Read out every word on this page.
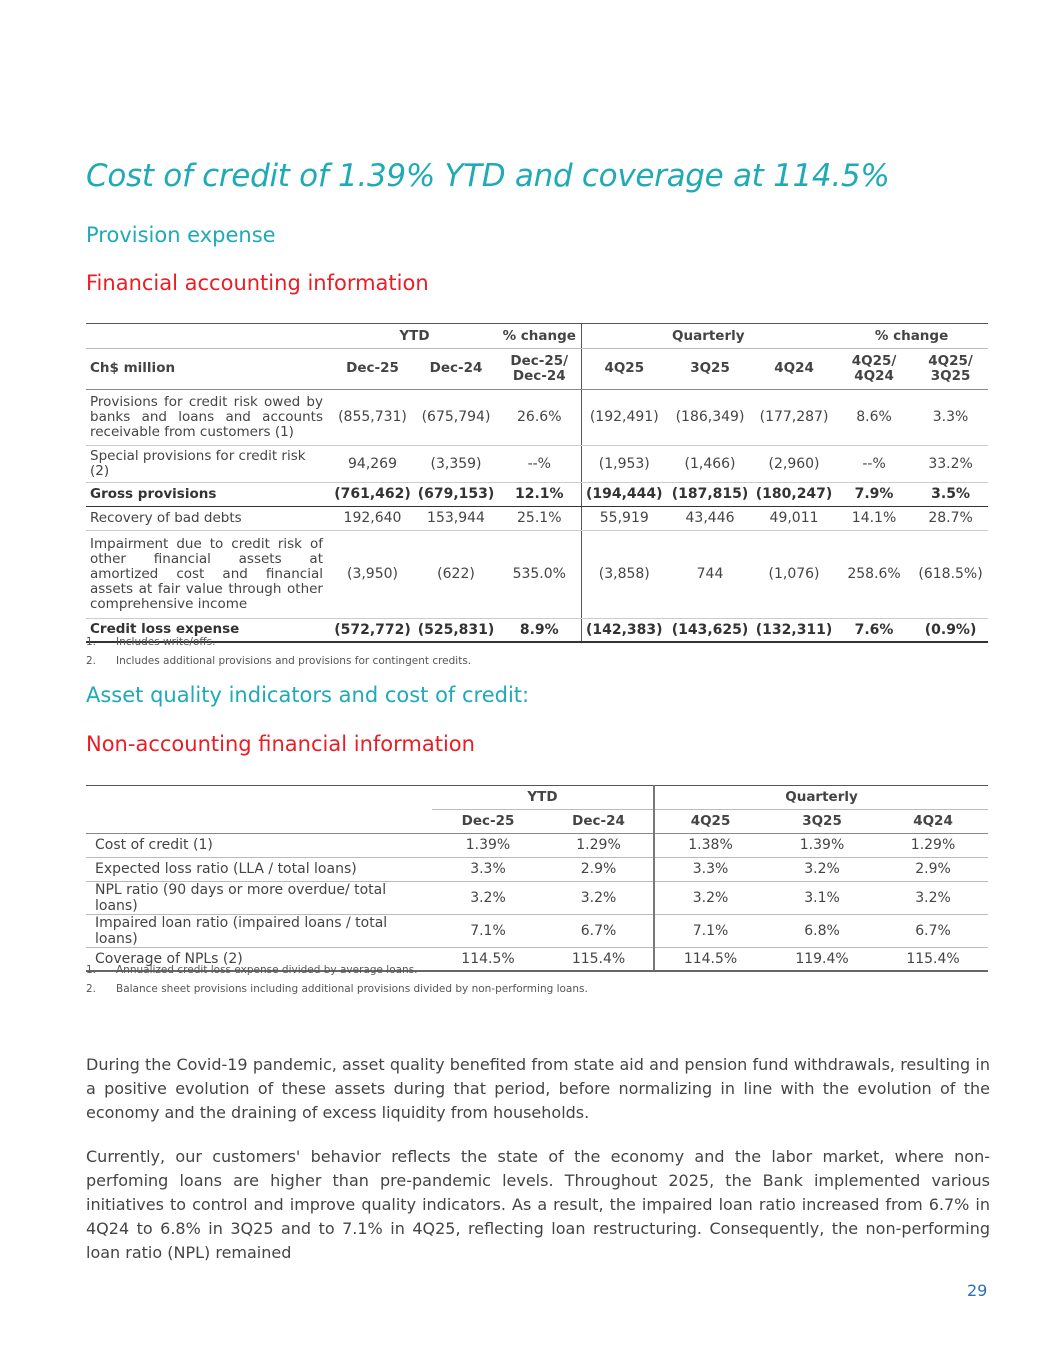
Cost of credit of 1.39% YTD and coverage at 114.5%
Provision expense
Financial accounting information
	YTD		% change	Quarterly			% change	
Ch$ million	Dec-25	Dec-24	Dec-25/ Dec-24	4Q25	3Q25	4Q24	4Q25/ 4Q24	4Q25/ 3Q25
Provisions for credit risk owed by banks and loans and accounts receivable from customers (1)	(855,731)	(675,794)	26.6%	(192,491)	(186,349)	(177,287)	8.6%	3.3%
Special provisions for credit risk (2)	94,269	(3,359)	--%	(1,953)	(1,466)	(2,960)	--%	33.2%
Gross provisions	(761,462)	(679,153)	12.1%	(194,444)	(187,815)	(180,247)	7.9%	3.5%
Recovery of bad debts	192,640	153,944	25.1%	55,919	43,446	49,011	14.1%	28.7%
Impairment due to credit risk of other financial assets at amortized cost and financial assets at fair value through other comprehensive income	(3,950)	(622)	535.0%	(3,858)	744	(1,076)	258.6%	(618.5%)
Credit loss expense	(572,772)	(525,831)	8.9%	(142,383)	(143,625)	(132,311)	7.6%	(0.9%)
1. Includes write/offs.
2. Includes additional provisions and provisions for contingent credits.
Asset quality indicators and cost of credit:
Non-accounting financial information
	YTD		Quarterly		
	Dec-25	Dec-24	4Q25	3Q25	4Q24
Cost of credit (1)	1.39%	1.29%	1.38%	1.39%	1.29%
Expected loss ratio (LLA / total loans)	3.3%	2.9%	3.3%	3.2%	2.9%
NPL ratio (90 days or more overdue/ total loans)	3.2%	3.2%	3.2%	3.1%	3.2%
Impaired loan ratio (impaired loans / total loans)	7.1%	6.7%	7.1%	6.8%	6.7%
Coverage of NPLs (2)	114.5%	115.4%	114.5%	119.4%	115.4%
1. Annualized credit loss expense divided by average loans.
2. Balance sheet provisions including additional provisions divided by non-performing loans.

During the Covid-19 pandemic, asset quality benefited from state aid and pension fund withdrawals, resulting in a positive evolution of these assets during that period, before normalizing in line with the evolution of the economy and the draining of excess liquidity from households.

Currently, our customers' behavior reflects the state of the economy and the labor market, where non-perfoming loans are higher than pre-pandemic levels. Throughout 2025, the Bank implemented various initiatives to control and improve quality indicators. As a result, the impaired loan ratio increased from 6.7% in 4Q24 to 6.8% in 3Q25 and to 7.1% in 4Q25, reflecting loan restructuring. Consequently, the non-performing loan ratio (NPL) remained

29
